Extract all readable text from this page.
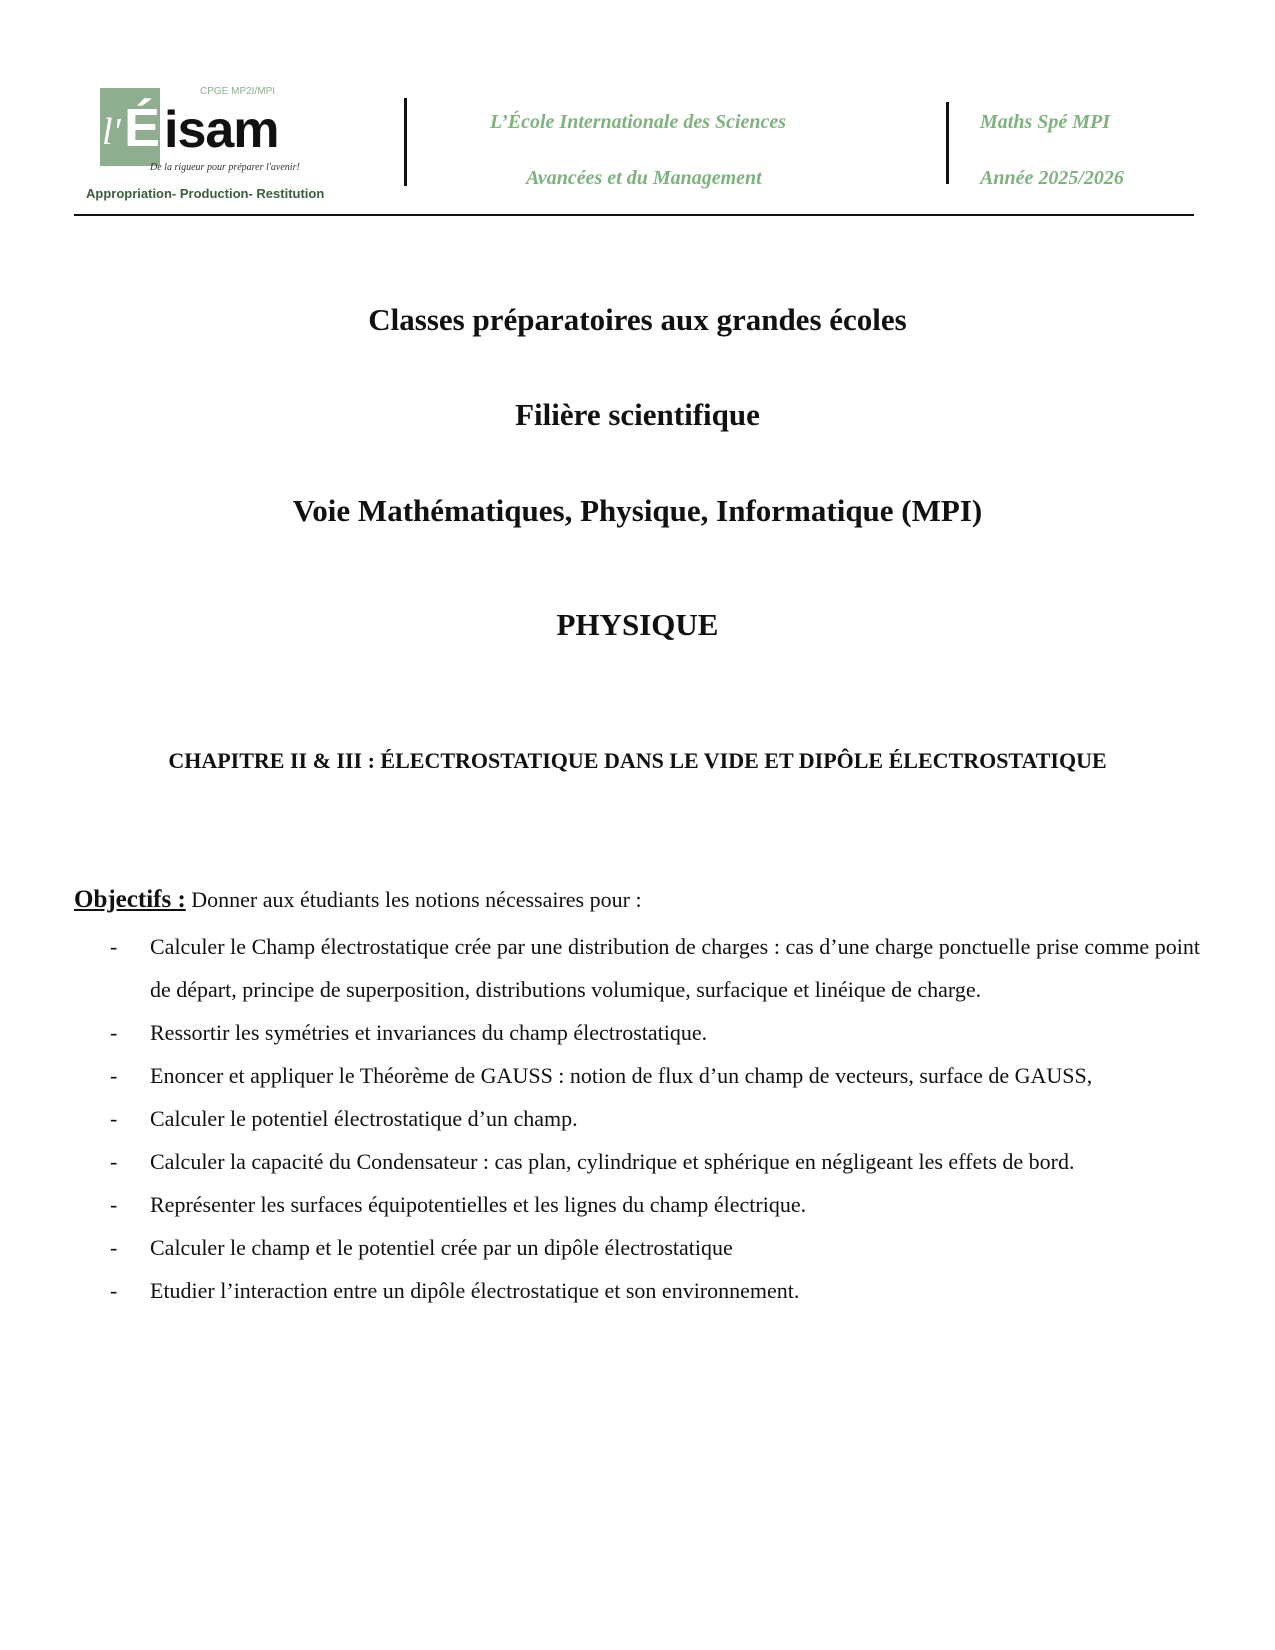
l' É isam
CPGE MP2I/MPI
De la rigueur pour préparer l'avenir!
Appropriation- Production- Restitution
L’École Internationale des Sciences
Avancées et du Management
Maths Spé MPI
Année 2025/2026
Classes préparatoires aux grandes écoles
Filière scientifique
Voie Mathématiques, Physique, Informatique (MPI)
PHYSIQUE
CHAPITRE II & III : ÉLECTROSTATIQUE DANS LE VIDE ET DIPÔLE ÉLECTROSTATIQUE
Objectifs : Donner aux étudiants les notions nécessaires pour :
- Calculer le Champ électrostatique crée par une distribution de charges : cas d’une charge ponctuelle prise comme point de départ, principe de superposition, distributions volumique, surfacique et linéique de charge.
- Ressortir les symétries et invariances du champ électrostatique.
- Enoncer et appliquer le Théorème de GAUSS : notion de flux d’un champ de vecteurs, surface de GAUSS,
- Calculer le potentiel électrostatique d’un champ.
- Calculer la capacité du Condensateur : cas plan, cylindrique et sphérique en négligeant les effets de bord.
- Représenter les surfaces équipotentielles et les lignes du champ électrique.
- Calculer le champ et le potentiel crée par un dipôle électrostatique
- Etudier l’interaction entre un dipôle électrostatique et son environnement.
